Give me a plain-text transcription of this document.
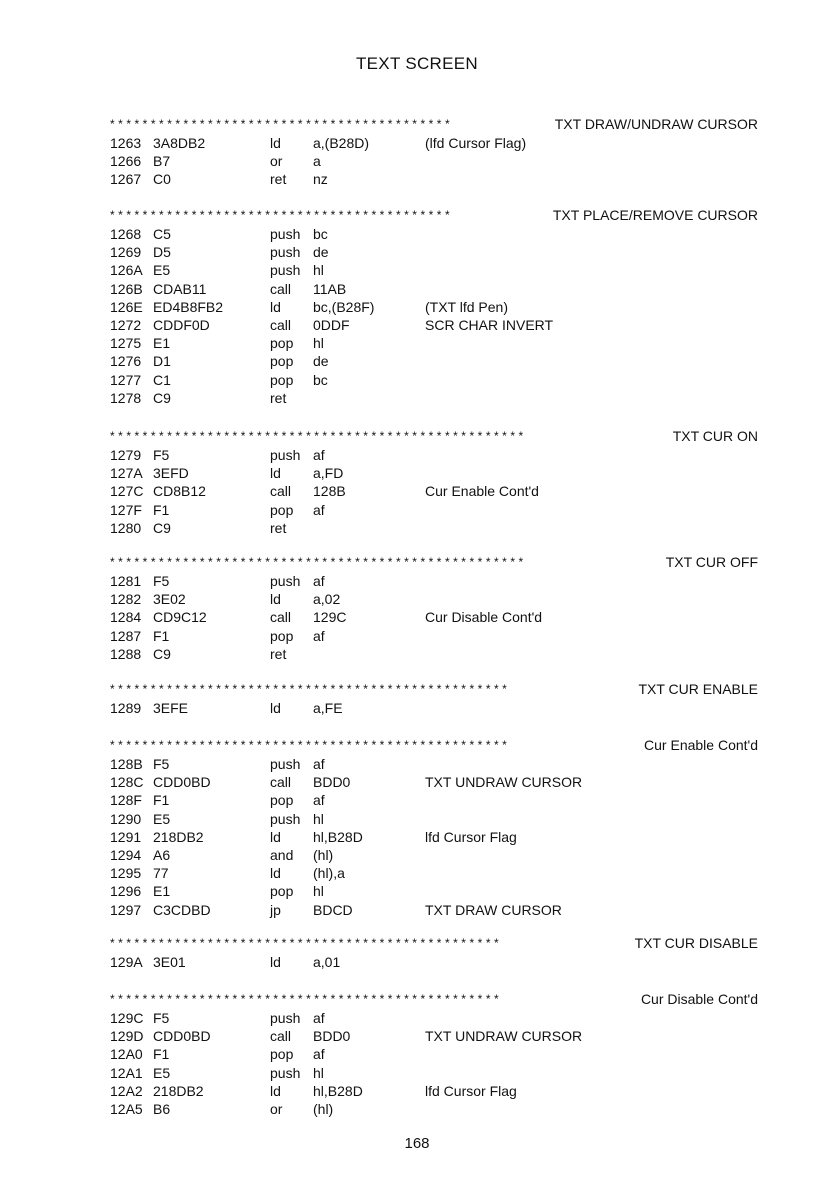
TEXT SCREEN
******************************************	TXT DRAW/UNDRAW CURSOR
1263 3A8DB2	ld a,(B28D)	(lfd Cursor Flag)
1266 B7	or a
1267 C0	ret nz
******************************************	TXT PLACE/REMOVE CURSOR
1268 C5	push bc
1269 D5	push de
126A E5	push hl
126B CDAB11	call 11AB
126E ED4B8FB2	ld bc,(B28F)	(TXT lfd Pen)
1272 CDDF0D	call 0DDF	SCR CHAR INVERT
1275 E1	pop hl
1276 D1	pop de
1277 C1	pop bc
1278 C9	ret
***************************************************	TXT CUR ON
1279 F5	push af
127A 3EFD	ld a,FD
127C CD8B12	call 128B	Cur Enable Cont'd
127F F1	pop af
1280 C9	ret
***************************************************	TXT CUR OFF
1281 F5	push af
1282 3E02	ld a,02
1284 CD9C12	call 129C	Cur Disable Cont'd
1287 F1	pop af
1288 C9	ret
*************************************************	TXT CUR ENABLE
1289 3EFE	ld a,FE
*************************************************	Cur Enable Cont'd
128B F5	push af
128C CDD0BD	call BDD0	TXT UNDRAW CURSOR
128F F1	pop af
1290 E5	push hl
1291 218DB2	ld hl,B28D	lfd Cursor Flag
1294 A6	and (hl)
1295 77	ld (hl),a
1296 E1	pop hl
1297 C3CDBD	jp BDCD	TXT DRAW CURSOR
************************************************	TXT CUR DISABLE
129A 3E01	ld a,01
************************************************	Cur Disable Cont'd
129C F5	push af
129D CDD0BD	call BDD0	TXT UNDRAW CURSOR
12A0 F1	pop af
12A1 E5	push hl
12A2 218DB2	ld hl,B28D	lfd Cursor Flag
12A5 B6	or (hl)
168
